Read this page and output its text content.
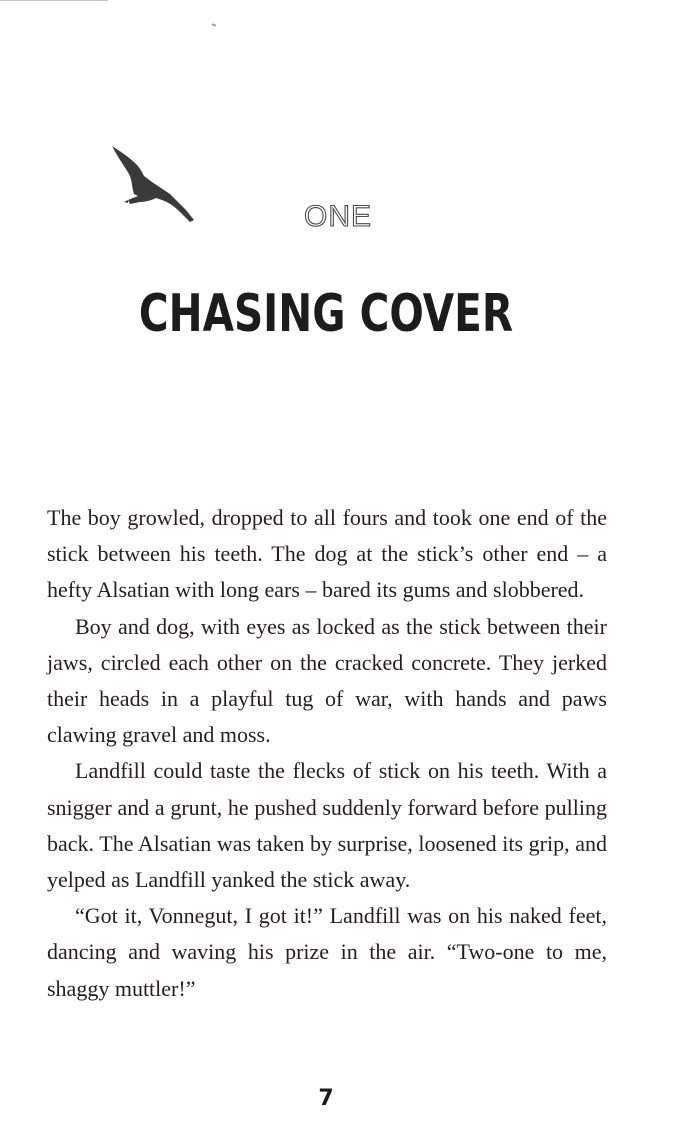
ONE
CHASING COVER

The boy growled, dropped to all fours and took one end of the stick between his teeth. The dog at the stick’s other end – a hefty Alsatian with long ears – bared its gums and slobbered.

Boy and dog, with eyes as locked as the stick between their jaws, circled each other on the cracked concrete. They jerked their heads in a playful tug of war, with hands and paws clawing gravel and moss.

Landfill could taste the flecks of stick on his teeth. With a snigger and a grunt, he pushed suddenly forward before pulling back. The Alsatian was taken by surprise, loosened its grip, and yelped as Landfill yanked the stick away.

“Got it, Vonnegut, I got it!” Landfill was on his naked feet, dancing and waving his prize in the air. “Two-one to me, shaggy muttler!”

7
